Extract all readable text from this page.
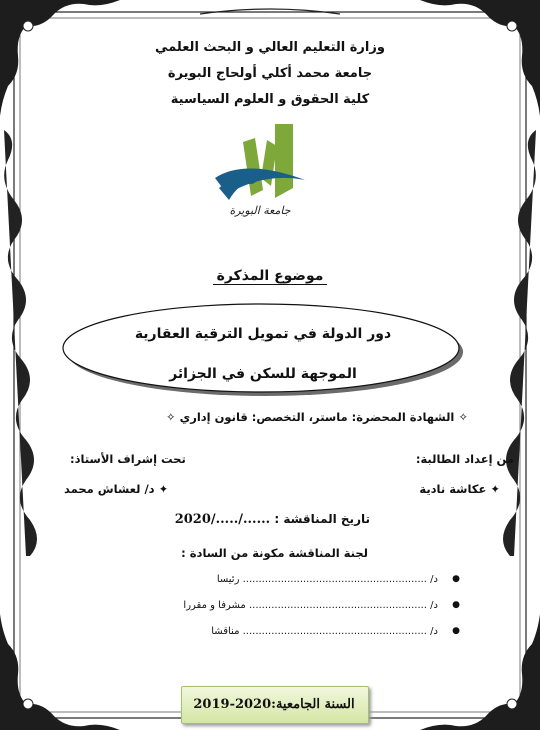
وزارة التعليم العالي و البحث العلمي
جامعة محمد أكلي أولحاج البويرة
كلية الحقوق و العلوم السياسية
جامعة البويرة
موضوع المذكرة
دور الدولة في تمويل الترقية العقارية
الموجهة للسكن في الجزائر
✧ الشهادة المحضرة: ماستر، التخصص: قانون إداري ✧
من إعداد الطالبة:
تحت إشراف الأستاذ:
✦ عكاشة نادية
✦ د/ لعشاش محمد
تاريخ المناقشة : ....../...../2020
لجنة المناقشة مكونة من السادة :
●
د/ .......................................................... رئيسا
●
د/ ........................................................ مشرفا و مقررا
●
د/ .......................................................... مناقشا
السنة الجامعية:2020-2019
